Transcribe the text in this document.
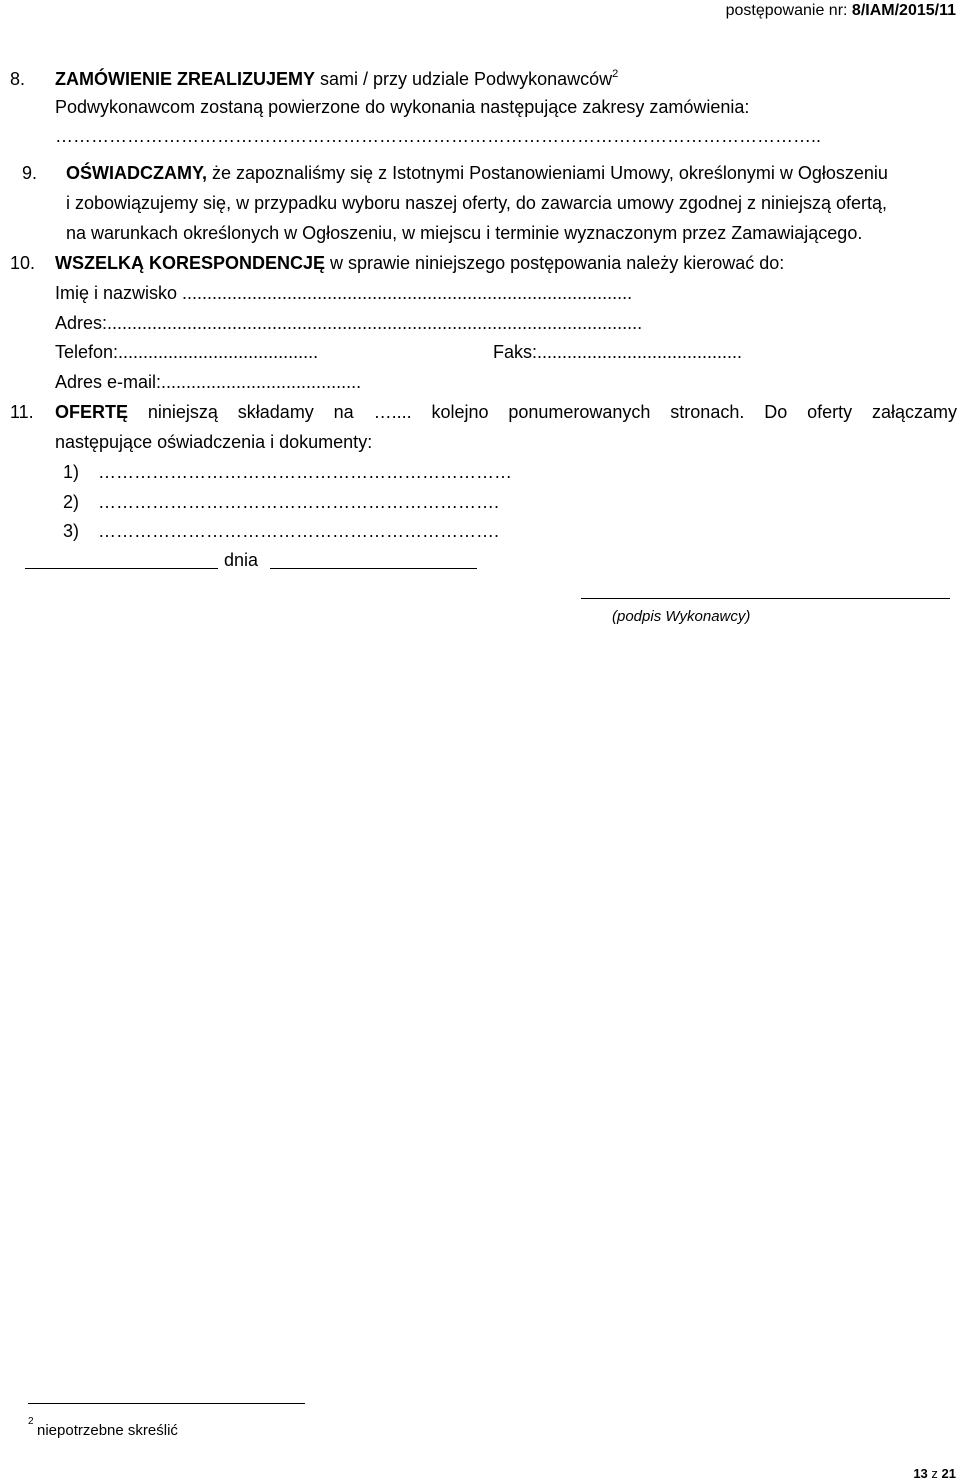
postępowanie nr: 8/IAM/2015/11
8. ZAMÓWIENIE ZREALIZUJEMY sami / przy udziale Podwykonawców$^2$
Podwykonawcom zostaną powierzone do wykonania następujące zakresy zamówienia:
………………………………………………………………………………………………………………..
9. OŚWIADCZAMY, że zapoznaliśmy się z Istotnymi Postanowieniami Umowy, określonymi w Ogłoszeniu
i zobowiązujemy się, w przypadku wyboru naszej oferty, do zawarcia umowy zgodnej z niniejszą ofertą,
na warunkach określonych w Ogłoszeniu, w miejscu i terminie wyznaczonym przez Zamawiającego.
10. WSZELKĄ KORESPONDENCJĘ w sprawie niniejszego postępowania należy kierować do:
Imię i nazwisko ..........................................................................................
Adres:...........................................................................................................
Telefon:........................................	Faks:.........................................
Adres e-mail:........................................
11. OFERTĘ niniejszą składamy na ….... kolejno ponumerowanych stronach. Do oferty załączamy
następujące oświadczenia i dokumenty:
1) ……………………………………………………………
2) ………………………………………………………….
3) ………………………………………………………….
dnia
(podpis Wykonawcy)
2
niepotrzebne skreślić
13 z 21
